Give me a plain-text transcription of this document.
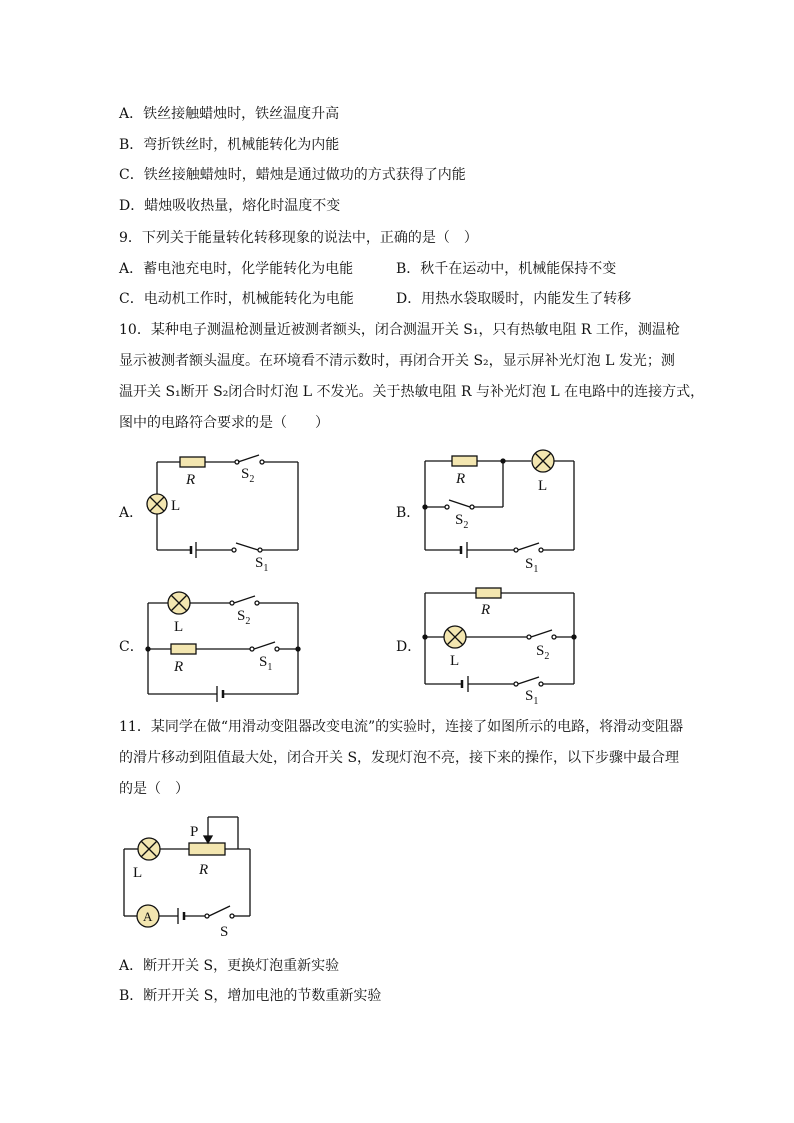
A．铁丝接触蜡烛时，铁丝温度升高
B．弯折铁丝时，机械能转化为内能
C．铁丝接触蜡烛时，蜡烛是通过做功的方式获得了内能
D．蜡烛吸收热量，熔化时温度不变
9．下列关于能量转化转移现象的说法中，正确的是（　）
A．蓄电池充电时，化学能转化为电能	B．秋千在运动中，机械能保持不变
C．电动机工作时，机械能转化为电能	D．用热水袋取暖时，内能发生了转移
10．某种电子测温枪测量近被测者额头，闭合测温开关 S₁，只有热敏电阻 R 工作，测温枪
显示被测者额头温度。在环境看不清示数时，再闭合开关 S₂，显示屏补光灯泡 L 发光；测
温开关 S₁断开 S₂闭合时灯泡 L 不发光。关于热敏电阻 R 与补光灯泡 L 在电路中的连接方式，
图中的电路符合要求的是（　　）
A．
R	$S_2$
L
$S_1$
B．
R	L
$S_2$
$S_1$
C．
L
$S_2$
R	$S_1$
D．
R
L
$S_2$
$S_1$
11．某同学在做“用滑动变阻器改变电流”的实验时，连接了如图所示的电路，将滑动变阻器
的滑片移动到阻值最大处，闭合开关 S，发现灯泡不亮，接下来的操作，以下步骤中最合理
的是（　）
P
R
L
A
S
A．断开开关 S，更换灯泡重新实验
B．断开开关 S，增加电池的节数重新实验
